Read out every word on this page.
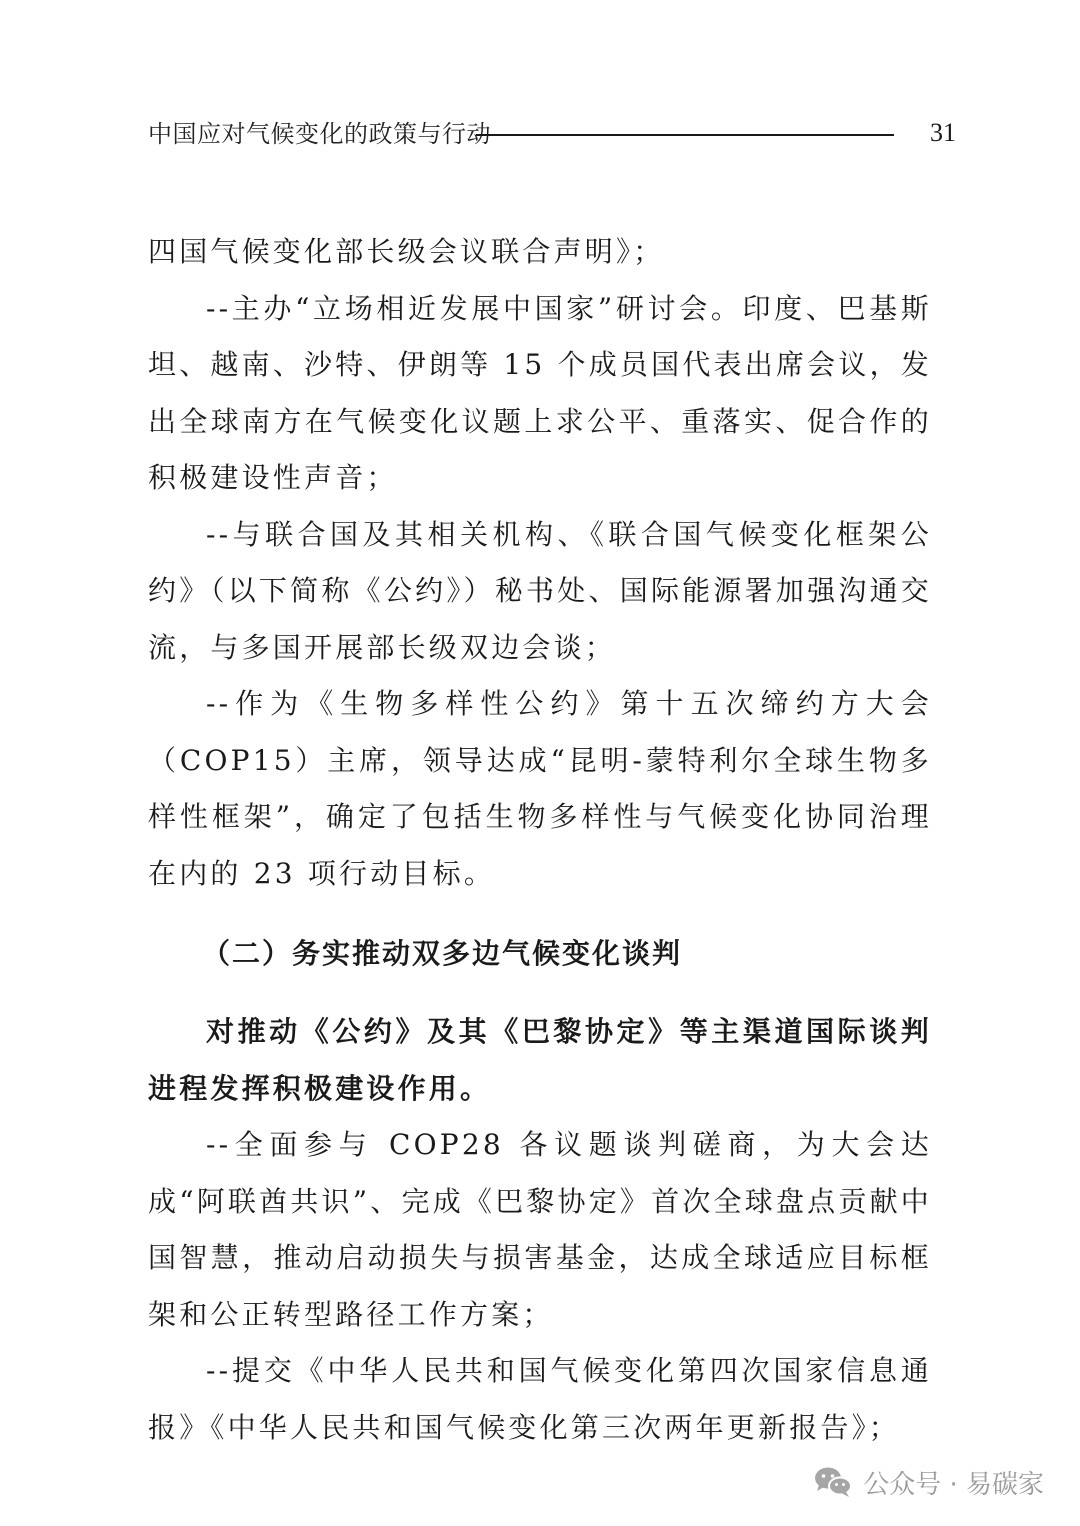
中国应对气候变化的政策与行动	31

四国气候变化部长级会议联合声明》；

--主办“立场相近发展中国家”研讨会。印度、巴基斯坦、越南、沙特、伊朗等 15 个成员国代表出席会议，发出全球南方在气候变化议题上求公平、重落实、促合作的积极建设性声音；

--与联合国及其相关机构、《联合国气候变化框架公约》（以下简称《公约》）秘书处、国际能源署加强沟通交流，与多国开展部长级双边会谈；

--作为《生物多样性公约》第十五次缔约方大会（COP15）主席，领导达成“昆明-蒙特利尔全球生物多样性框架”，确定了包括生物多样性与气候变化协同治理在内的 23 项行动目标。

（二）务实推动双多边气候变化谈判

对推动《公约》及其《巴黎协定》等主渠道国际谈判进程发挥积极建设作用。

--全面参与 COP28 各议题谈判磋商，为大会达成“阿联酋共识”、完成《巴黎协定》首次全球盘点贡献中国智慧，推动启动损失与损害基金，达成全球适应目标框架和公正转型路径工作方案；

--提交《中华人民共和国气候变化第四次国家信息通报》《中华人民共和国气候变化第三次两年更新报告》；

公众号 · 易碳家
